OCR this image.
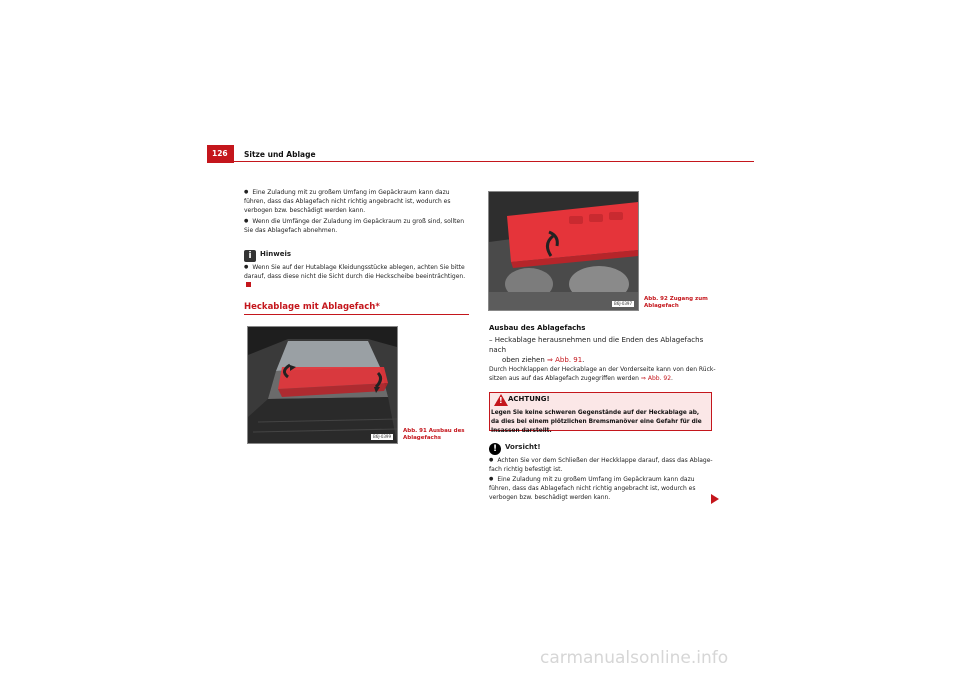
126	Sitze und Ablage
● Eine Zuladung mit zu großem Umfang im Gepäckraum kann dazu führen, dass das Ablagefach nicht richtig angebracht ist, wodurch es verbogen bzw. beschädigt werden kann.
● Wenn die Umfänge der Zuladung im Gepäckraum zu groß sind, sollten Sie das Ablagefach abnehmen.
i Hinweis
● Wenn Sie auf der Hutablage Kleidungsstücke ablegen, achten Sie bitte darauf, dass diese nicht die Sicht durch die Heckscheibe beeinträchtigen.
Heckablage mit Ablagefach*
B6J-0399
Abb. 91 Ausbau des
Ablagefachs
B6J-0397
Abb. 92 Zugang zum
Ablagefach
Ausbau des Ablagefachs
– Heckablage herausnehmen und die Enden des Ablagefachs nach
oben ziehen ⇒ Abb. 91.
Durch Hochklappen der Heckablage an der Vorderseite kann von den Rück-
sitzen aus auf das Ablagefach zugegriffen werden ⇒ Abb. 92.
!
ACHTUNG!
Legen Sie keine schweren Gegenstände auf der Heckablage ab, da dies bei einem plötzlichen Bremsmanöver eine Gefahr für die Insassen darstellt.
! Vorsicht!
● Achten Sie vor dem Schließen der Heckklappe darauf, dass das Ablage-fach richtig befestigt ist.
● Eine Zuladung mit zu großem Umfang im Gepäckraum kann dazu führen, dass das Ablagefach nicht richtig angebracht ist, wodurch es verbogen bzw. beschädigt werden kann.
carmanualsonline.info
